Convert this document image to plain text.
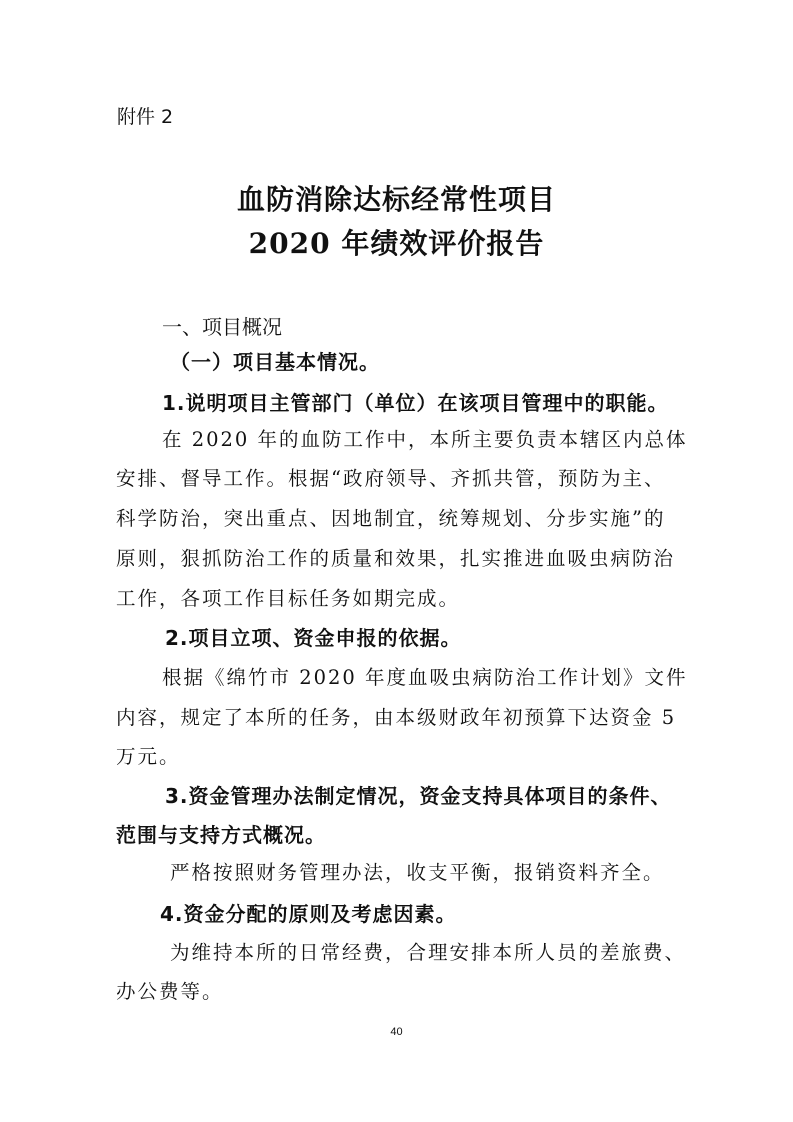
附件 2
血防消除达标经常性项目
2020 年绩效评价报告
一、项目概况
（一）项目基本情况。
1.说明项目主管部门（单位）在该项目管理中的职能。
在 2020 年的血防工作中，本所主要负责本辖区内总体
安排、督导工作。根据“政府领导、齐抓共管，预防为主、
科学防治，突出重点、因地制宜，统筹规划、分步实施”的
原则，狠抓防治工作的质量和效果，扎实推进血吸虫病防治
工作，各项工作目标任务如期完成。
2.项目立项、资金申报的依据。
根据《绵竹市 2020 年度血吸虫病防治工作计划》文件
内容，规定了本所的任务，由本级财政年初预算下达资金 5
万元。
3.资金管理办法制定情况，资金支持具体项目的条件、
范围与支持方式概况。
严格按照财务管理办法，收支平衡，报销资料齐全。
4.资金分配的原则及考虑因素。
为维持本所的日常经费，合理安排本所人员的差旅费、
办公费等。
40
